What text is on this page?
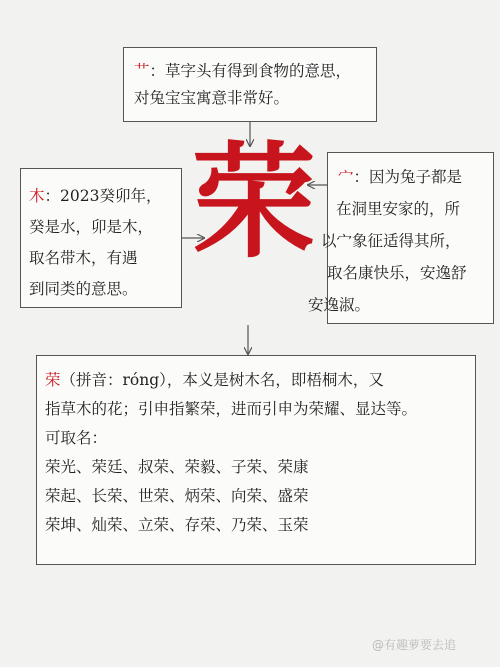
艹：草字头有得到食物的意思，
对兔宝宝寓意非常好。
荣
木：2023癸卯年，
癸是水，卯是木，
取名带木，有遇
到同类的意思。
宀：因为兔子都是
在洞里安家的，所
以宀象征适得其所，
取名康快乐，安逸舒
安逸淑。
荣（拼音：róng），本义是树木名，即梧桐木，又
指草木的花；引申指繁荣，进而引申为荣耀、显达等。
可取名：
荣光、荣廷、叔荣、荣毅、子荣、荣康
荣起、长荣、世荣、炳荣、向荣、盛荣
荣坤、灿荣、立荣、存荣、乃荣、玉荣
@有趣萝要去追
